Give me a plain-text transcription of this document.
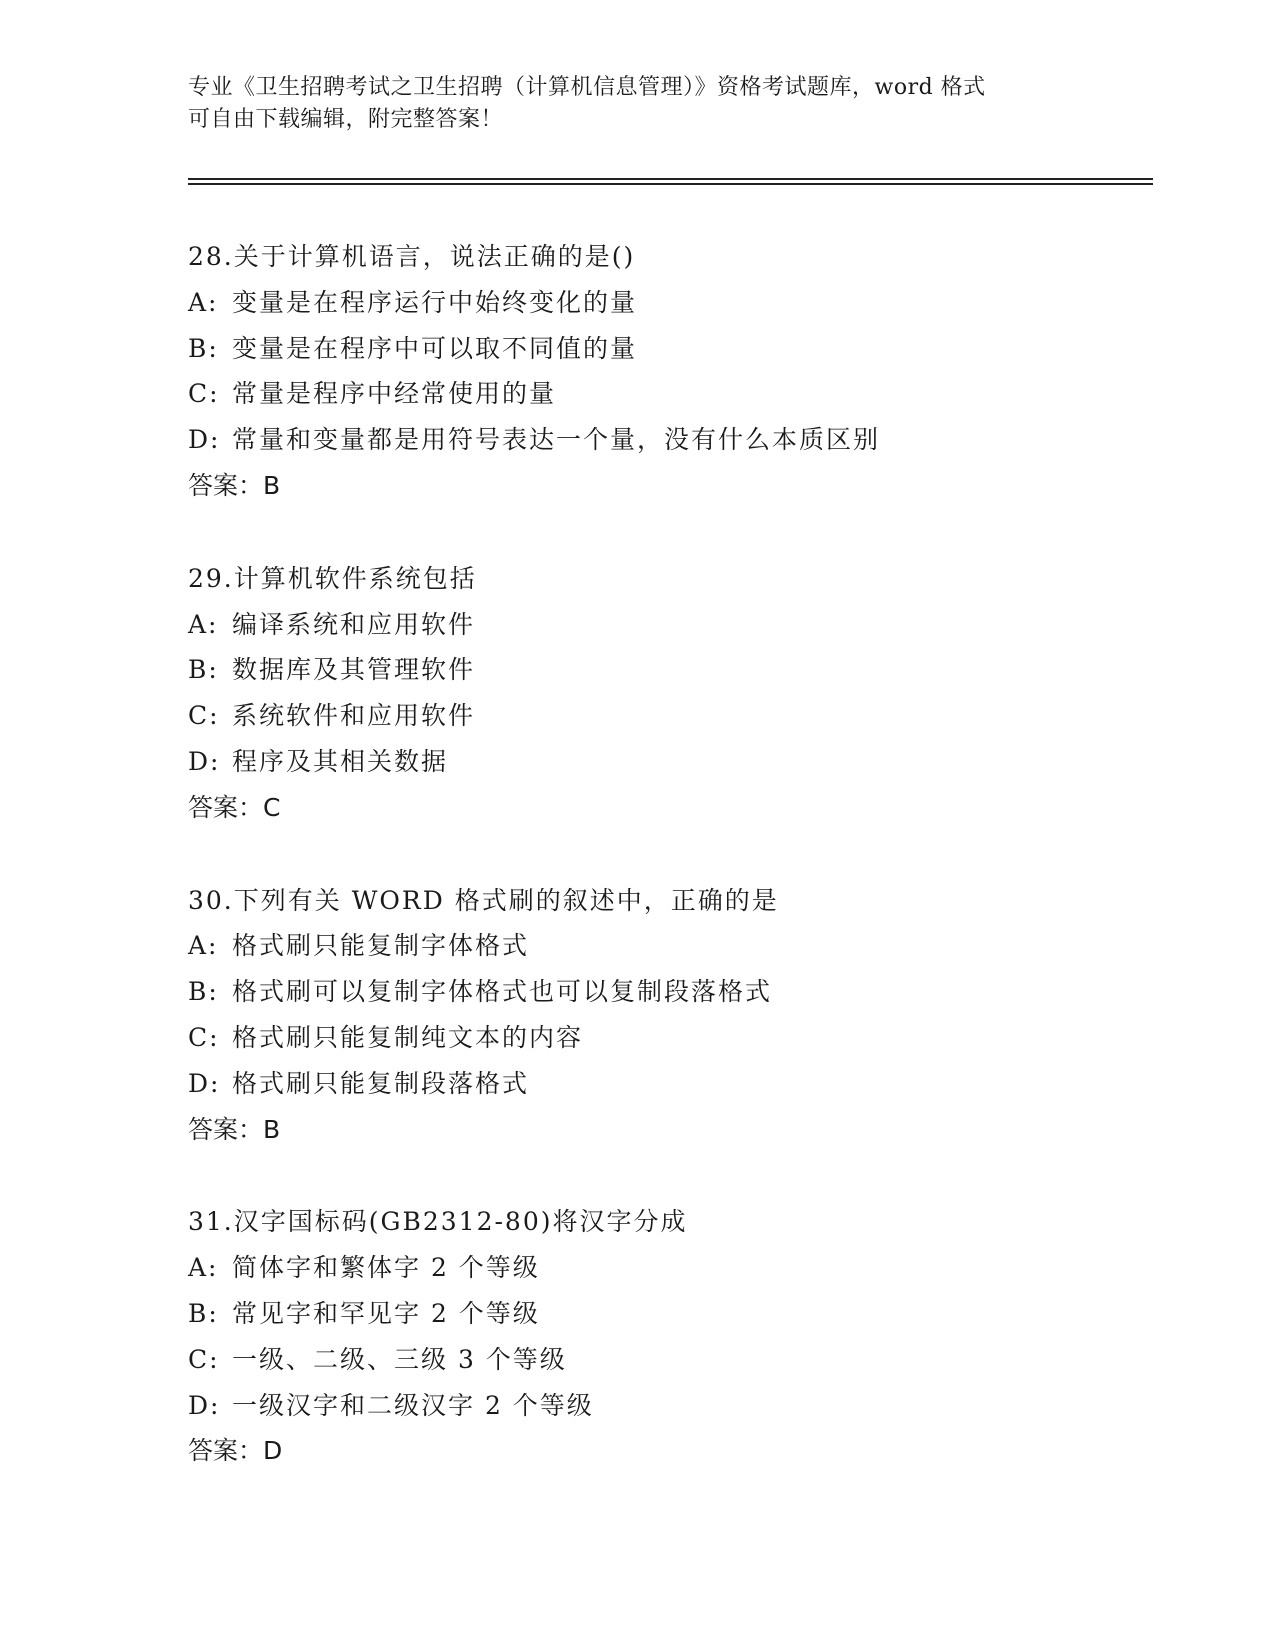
专业《卫生招聘考试之卫生招聘（计算机信息管理）》资格考试题库，word 格式
可自由下载编辑，附完整答案！
28.关于计算机语言，说法正确的是()
A: 变量是在程序运行中始终变化的量
B: 变量是在程序中可以取不同值的量
C: 常量是程序中经常使用的量
D: 常量和变量都是用符号表达一个量，没有什么本质区别
答案：B
29.计算机软件系统包括
A: 编译系统和应用软件
B: 数据库及其管理软件
C: 系统软件和应用软件
D: 程序及其相关数据
答案：C
30.下列有关 WORD 格式刷的叙述中，正确的是
A: 格式刷只能复制字体格式
B: 格式刷可以复制字体格式也可以复制段落格式
C: 格式刷只能复制纯文本的内容
D: 格式刷只能复制段落格式
答案：B
31.汉字国标码(GB2312-80)将汉字分成
A: 简体字和繁体字 2 个等级
B: 常见字和罕见字 2 个等级
C: 一级、二级、三级 3 个等级
D: 一级汉字和二级汉字 2 个等级
答案：D
